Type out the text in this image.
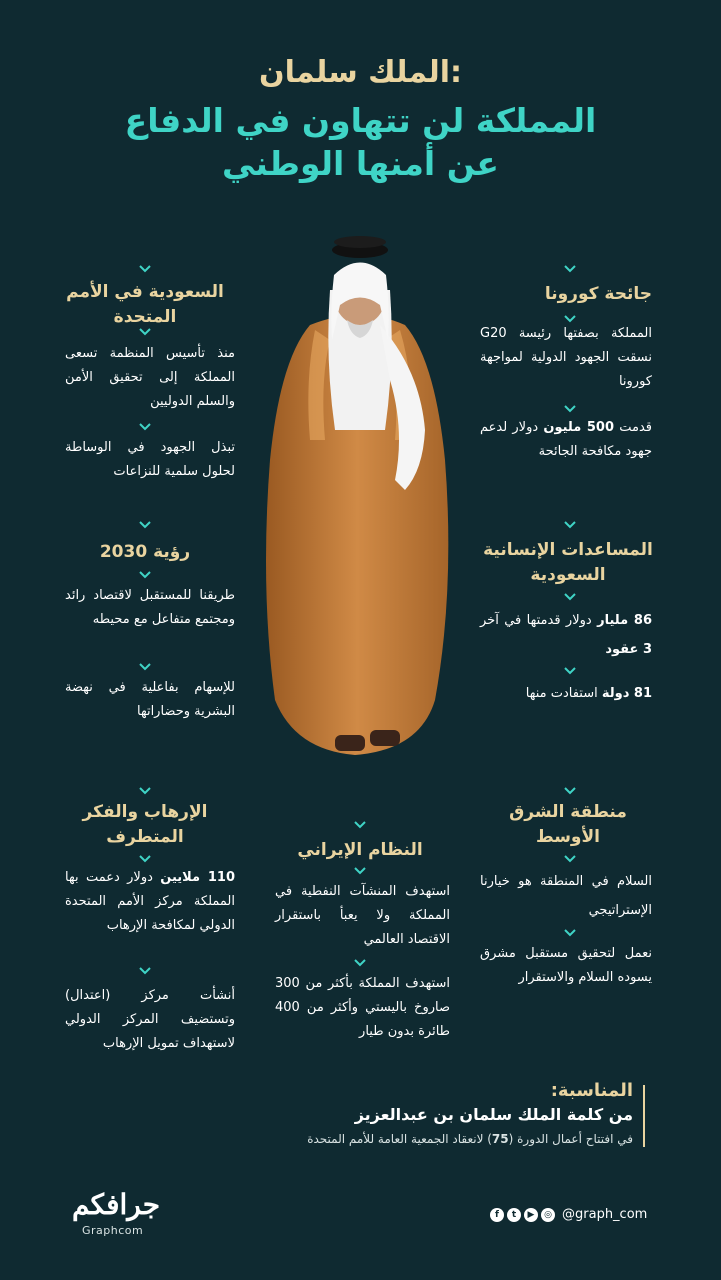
الملك سلمان:
المملكة لن تتهاون في الدفاع
عن أمنها الوطني
جائحة كورونا
المملكة بصفتها رئيسة G20 نسقت الجهود الدولية لمواجهة كورونا
قدمت 500 مليون دولار لدعم جهود مكافحة الجائحة
السعودية في الأمم المتحدة
منذ تأسيس المنظمة تسعى المملكة إلى تحقيق الأمن والسلم الدوليين
تبذل الجهود في الوساطة لحلول سلمية للنزاعات
المساعدات الإنسانية السعودية
86 مليار دولار قدمتها في آخر 3 عقود
81 دولة استفادت منها
رؤية 2030
طريقنا للمستقبل لاقتصاد رائد ومجتمع متفاعل مع محيطه
للإسهام بفاعلية في نهضة البشرية وحضاراتها
منطقة الشرق الأوسط
السلام في المنطقة هو خيارنا الإستراتيجي
نعمل لتحقيق مستقبل مشرق يسوده السلام والاستقرار
النظام الإيراني
استهدف المنشآت النفطية في المملكة ولا يعبأ باستقرار الاقتصاد العالمي
استهدف المملكة بأكثر من 300 صاروخ باليستي وأكثر من 400 طائرة بدون طيار
الإرهاب والفكر المتطرف
110 ملايين دولار دعمت بها المملكة مركز الأمم المتحدة الدولي لمكافحة الإرهاب
أنشأت مركز (اعتدال) وتستضيف المركز الدولي لاستهداف تمويل الإرهاب
المناسبة:
من كلمة الملك سلمان بن عبدالعزيز
في افتتاح أعمال الدورة (75) لانعقاد الجمعية العامة للأمم المتحدة
جرافكم
Graphcom
f	t	▶	◎ @graph_com
